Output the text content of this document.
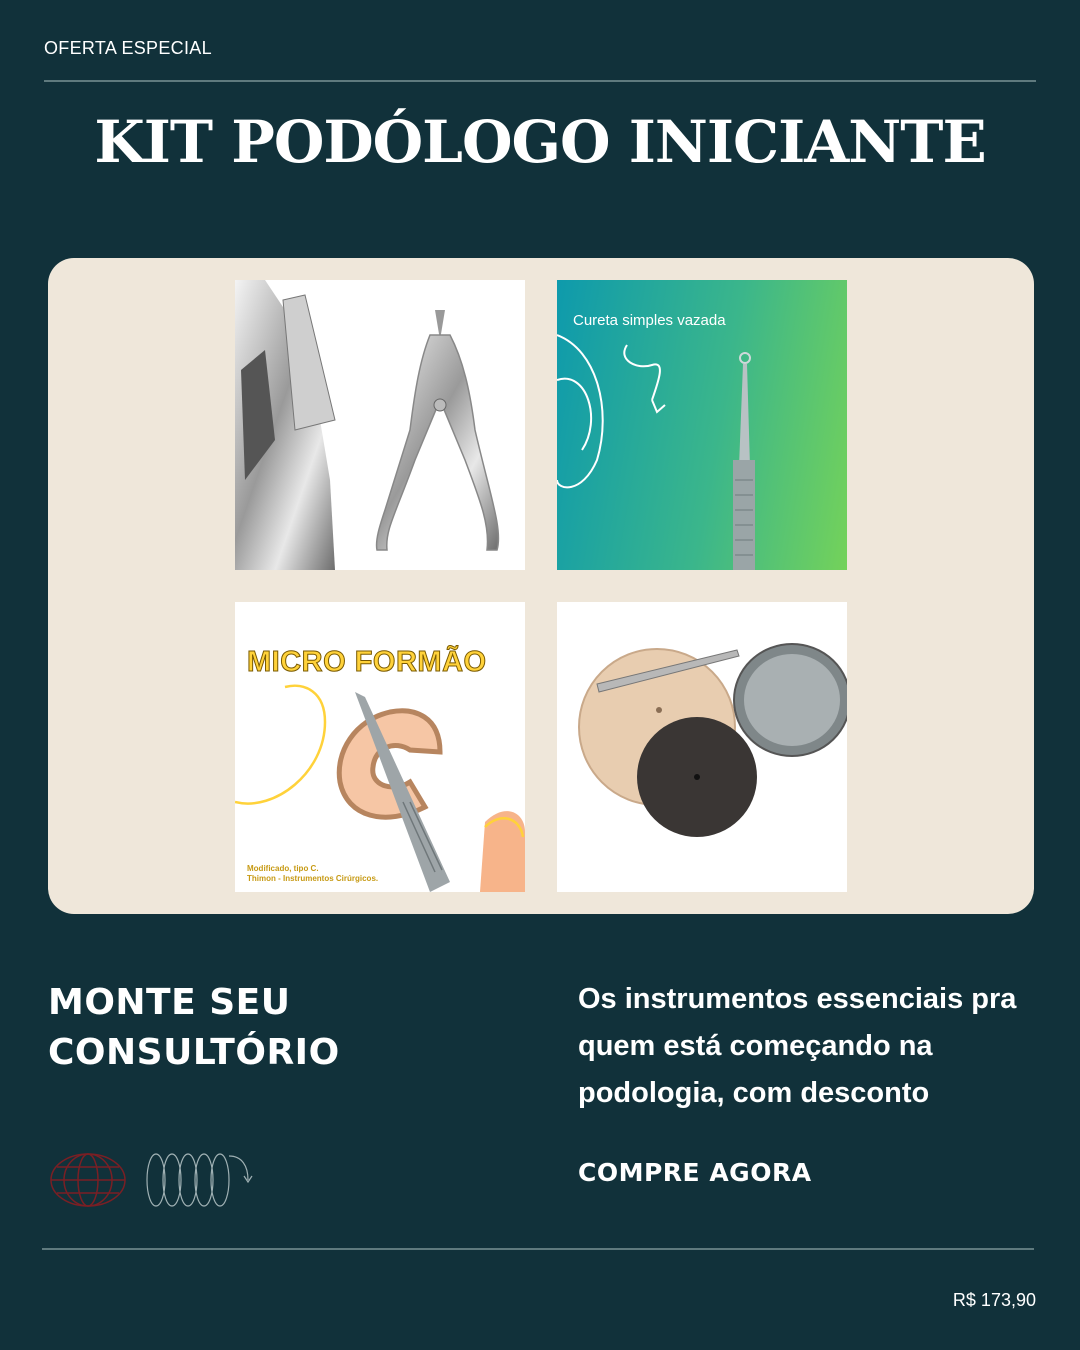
OFERTA ESPECIAL
KIT PODÓLOGO INICIANTE
Cureta simples vazada
MICRO FORMÃO
Modificado, tipo C.
Thimon - Instrumentos Cirúrgicos.
MONTE SEU CONSULTÓRIO
Os instrumentos essenciais pra quem está começando na podologia, com desconto
COMPRE AGORA
R$ 173,90
